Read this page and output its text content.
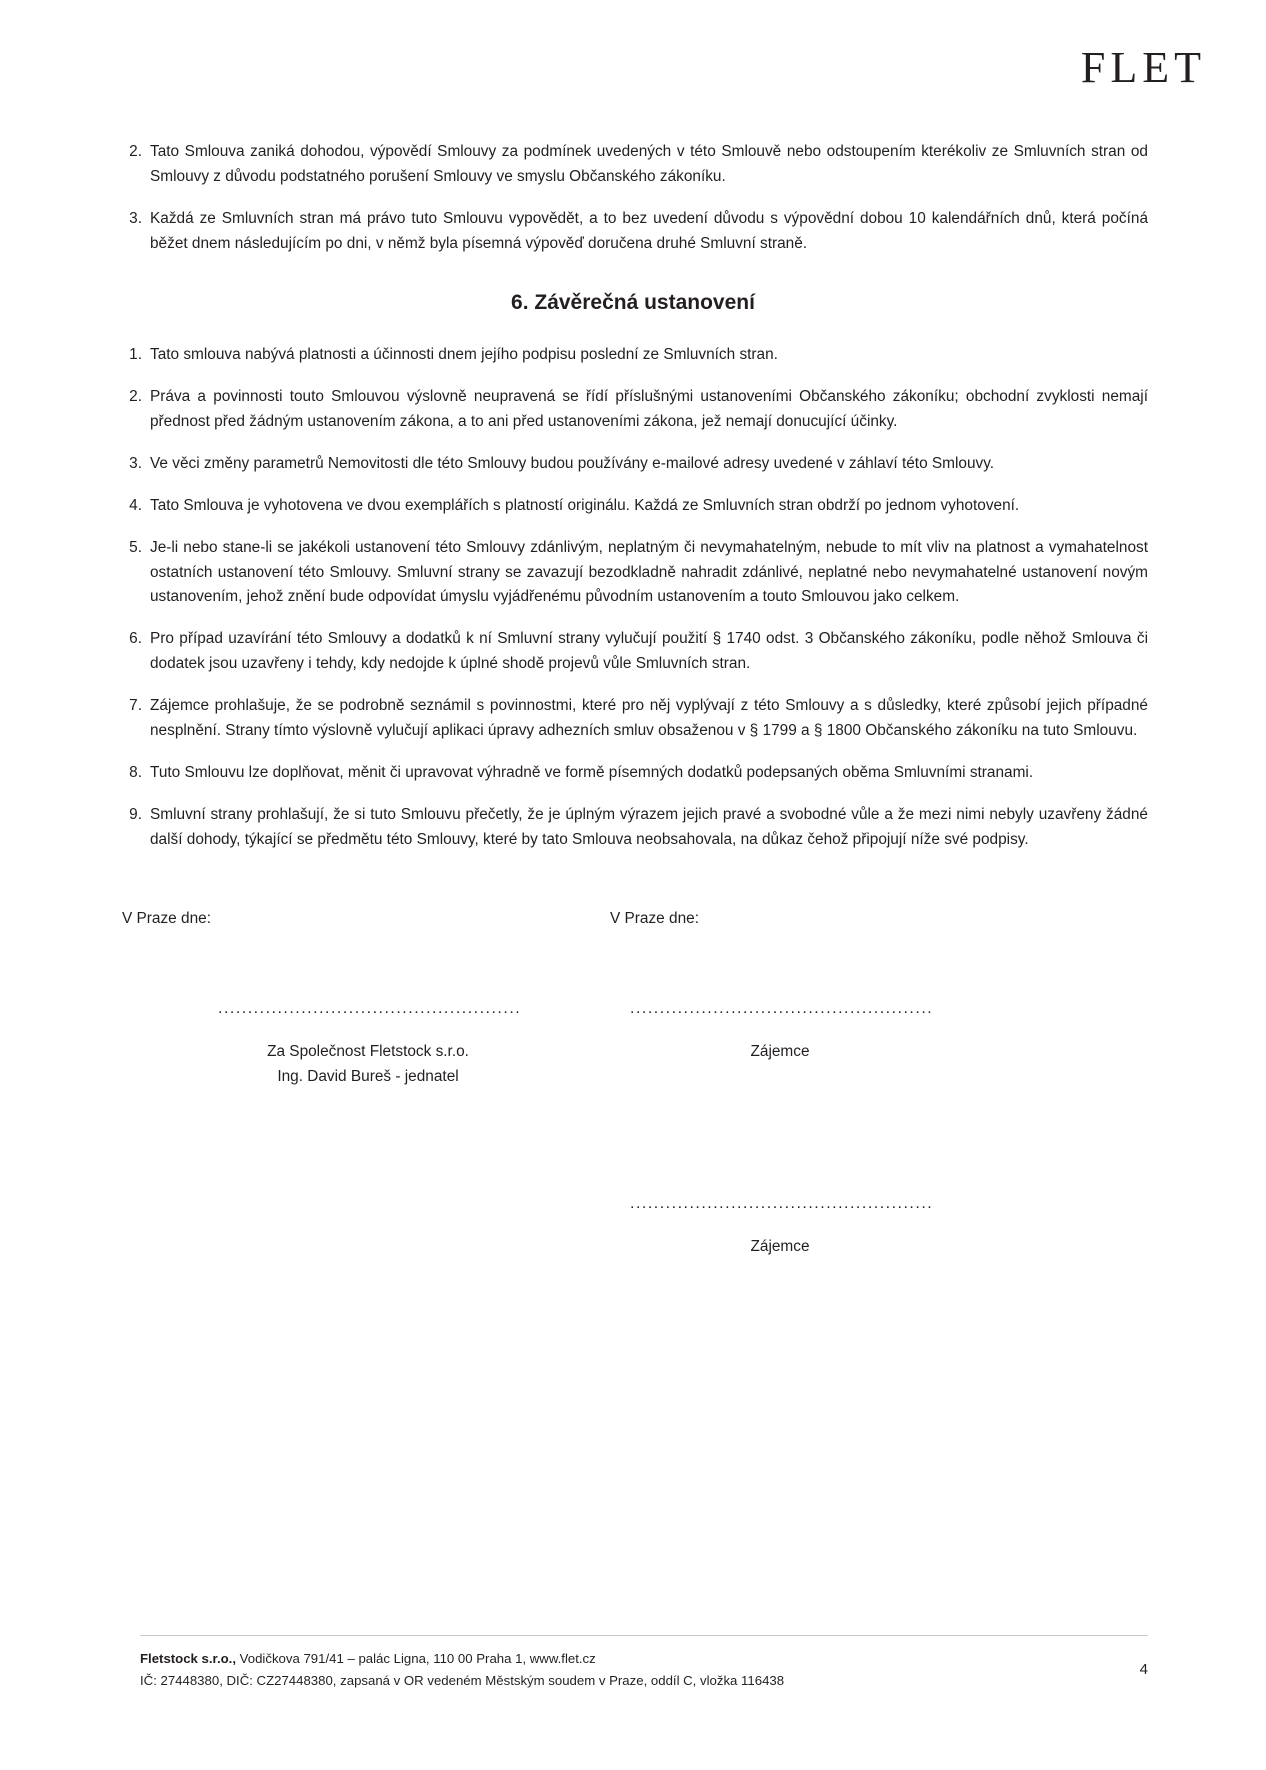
FLET
2. Tato Smlouva zaniká dohodou, výpovědí Smlouvy za podmínek uvedených v této Smlouvě nebo odstoupením kterékoliv ze Smluvních stran od Smlouvy z důvodu podstatného porušení Smlouvy ve smyslu Občanského zákoníku.
3. Každá ze Smluvních stran má právo tuto Smlouvu vypovědět, a to bez uvedení důvodu s výpovědní dobou 10 kalendářních dnů, která počíná běžet dnem následujícím po dni, v němž byla písemná výpověď doručena druhé Smluvní straně.
6. Závěrečná ustanovení
1. Tato smlouva nabývá platnosti a účinnosti dnem jejího podpisu poslední ze Smluvních stran.
2. Práva a povinnosti touto Smlouvou výslovně neupravená se řídí příslušnými ustanoveními Občanského zákoníku; obchodní zvyklosti nemají přednost před žádným ustanovením zákona, a to ani před ustanoveními zákona, jež nemají donucující účinky.
3. Ve věci změny parametrů Nemovitosti dle této Smlouvy budou používány e-mailové adresy uvedené v záhlaví této Smlouvy.
4. Tato Smlouva je vyhotovena ve dvou exemplářích s platností originálu. Každá ze Smluvních stran obdrží po jednom vyhotovení.
5. Je-li nebo stane-li se jakékoli ustanovení této Smlouvy zdánlivým, neplatným či nevymahatelným, nebude to mít vliv na platnost a vymahatelnost ostatních ustanovení této Smlouvy. Smluvní strany se zavazují bezodkladně nahradit zdánlivé, neplatné nebo nevymahatelné ustanovení novým ustanovením, jehož znění bude odpovídat úmyslu vyjádřenému původním ustanovením a touto Smlouvou jako celkem.
6. Pro případ uzavírání této Smlouvy a dodatků k ní Smluvní strany vylučují použití § 1740 odst. 3 Občanského zákoníku, podle něhož Smlouva či dodatek jsou uzavřeny i tehdy, kdy nedojde k úplné shodě projevů vůle Smluvních stran.
7. Zájemce prohlašuje, že se podrobně seznámil s povinnostmi, které pro něj vyplývají z této Smlouvy a s důsledky, které způsobí jejich případné nesplnění. Strany tímto výslovně vylučují aplikaci úpravy adhezních smluv obsaženou v § 1799 a § 1800 Občanského zákoníku na tuto Smlouvu.
8. Tuto Smlouvu lze doplňovat, měnit či upravovat výhradně ve formě písemných dodatků podepsaných oběma Smluvními stranami.
9. Smluvní strany prohlašují, že si tuto Smlouvu přečetly, že je úplným výrazem jejich pravé a svobodné vůle a že mezi nimi nebyly uzavřeny žádné další dohody, týkající se předmětu této Smlouvy, které by tato Smlouva neobsahovala, na důkaz čehož připojují níže své podpisy.
V Praze dne:	V Praze dne:
...................................................
Za Společnost Fletstock s.r.o.
Ing. David Bureš - jednatel
...................................................
Zájemce
...................................................
Zájemce
Fletstock s.r.o., Vodičkova 791/41 – palác Ligna, 110 00 Praha 1, www.flet.cz
IČ: 27448380, DIČ: CZ27448380, zapsaná v OR vedeném Městským soudem v Praze, oddíl C, vložka 116438
4
